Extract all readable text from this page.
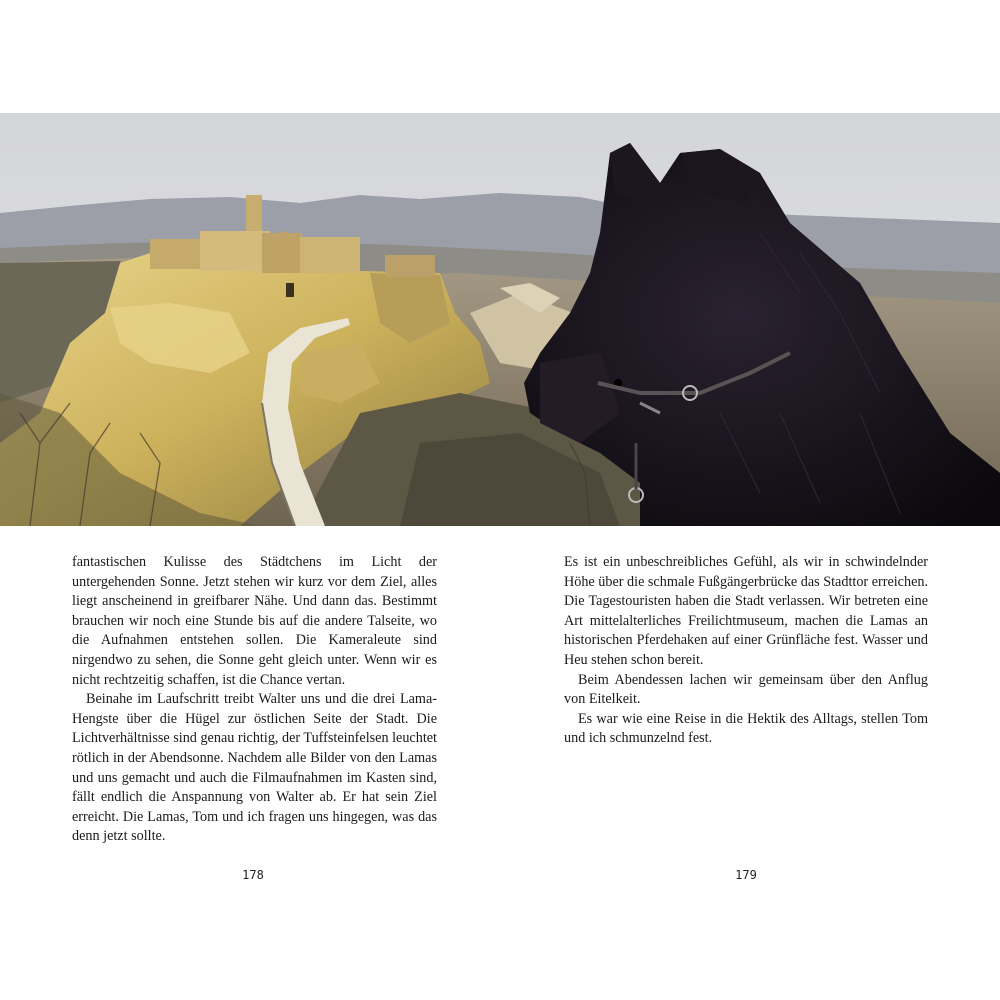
fantastischen Kulisse des Städtchens im Licht der untergehenden Sonne. Jetzt stehen wir kurz vor dem Ziel, alles liegt anscheinend in greifbarer Nähe. Und dann das. Bestimmt brauchen wir noch eine Stunde bis auf die andere Talseite, wo die Aufnahmen entstehen sollen. Die Kameraleute sind nirgendwo zu sehen, die Sonne geht gleich unter. Wenn wir es nicht rechtzeitig schaffen, ist die Chance vertan.

Beinahe im Laufschritt treibt Walter uns und die drei Lama-Hengste über die Hügel zur östlichen Seite der Stadt. Die Lichtverhältnisse sind genau richtig, der Tuffsteinfelsen leuchtet rötlich in der Abendsonne. Nachdem alle Bilder von den Lamas und uns gemacht und auch die Filmaufnahmen im Kasten sind, fällt endlich die Anspannung von Walter ab. Er hat sein Ziel erreicht. Die Lamas, Tom und ich fragen uns hingegen, was das denn jetzt sollte.

Es ist ein unbeschreibliches Gefühl, als wir in schwindelnder Höhe über die schmale Fußgängerbrücke das Stadttor erreichen. Die Tagestouristen haben die Stadt verlassen. Wir betreten eine Art mittelalterliches Freilichtmuseum, machen die Lamas an historischen Pferdehaken auf einer Grünfläche fest. Wasser und Heu stehen schon bereit.

Beim Abendessen lachen wir gemeinsam über den Anflug von Eitelkeit.

Es war wie eine Reise in die Hektik des Alltags, stellen Tom und ich schmunzelnd fest.

178	179
